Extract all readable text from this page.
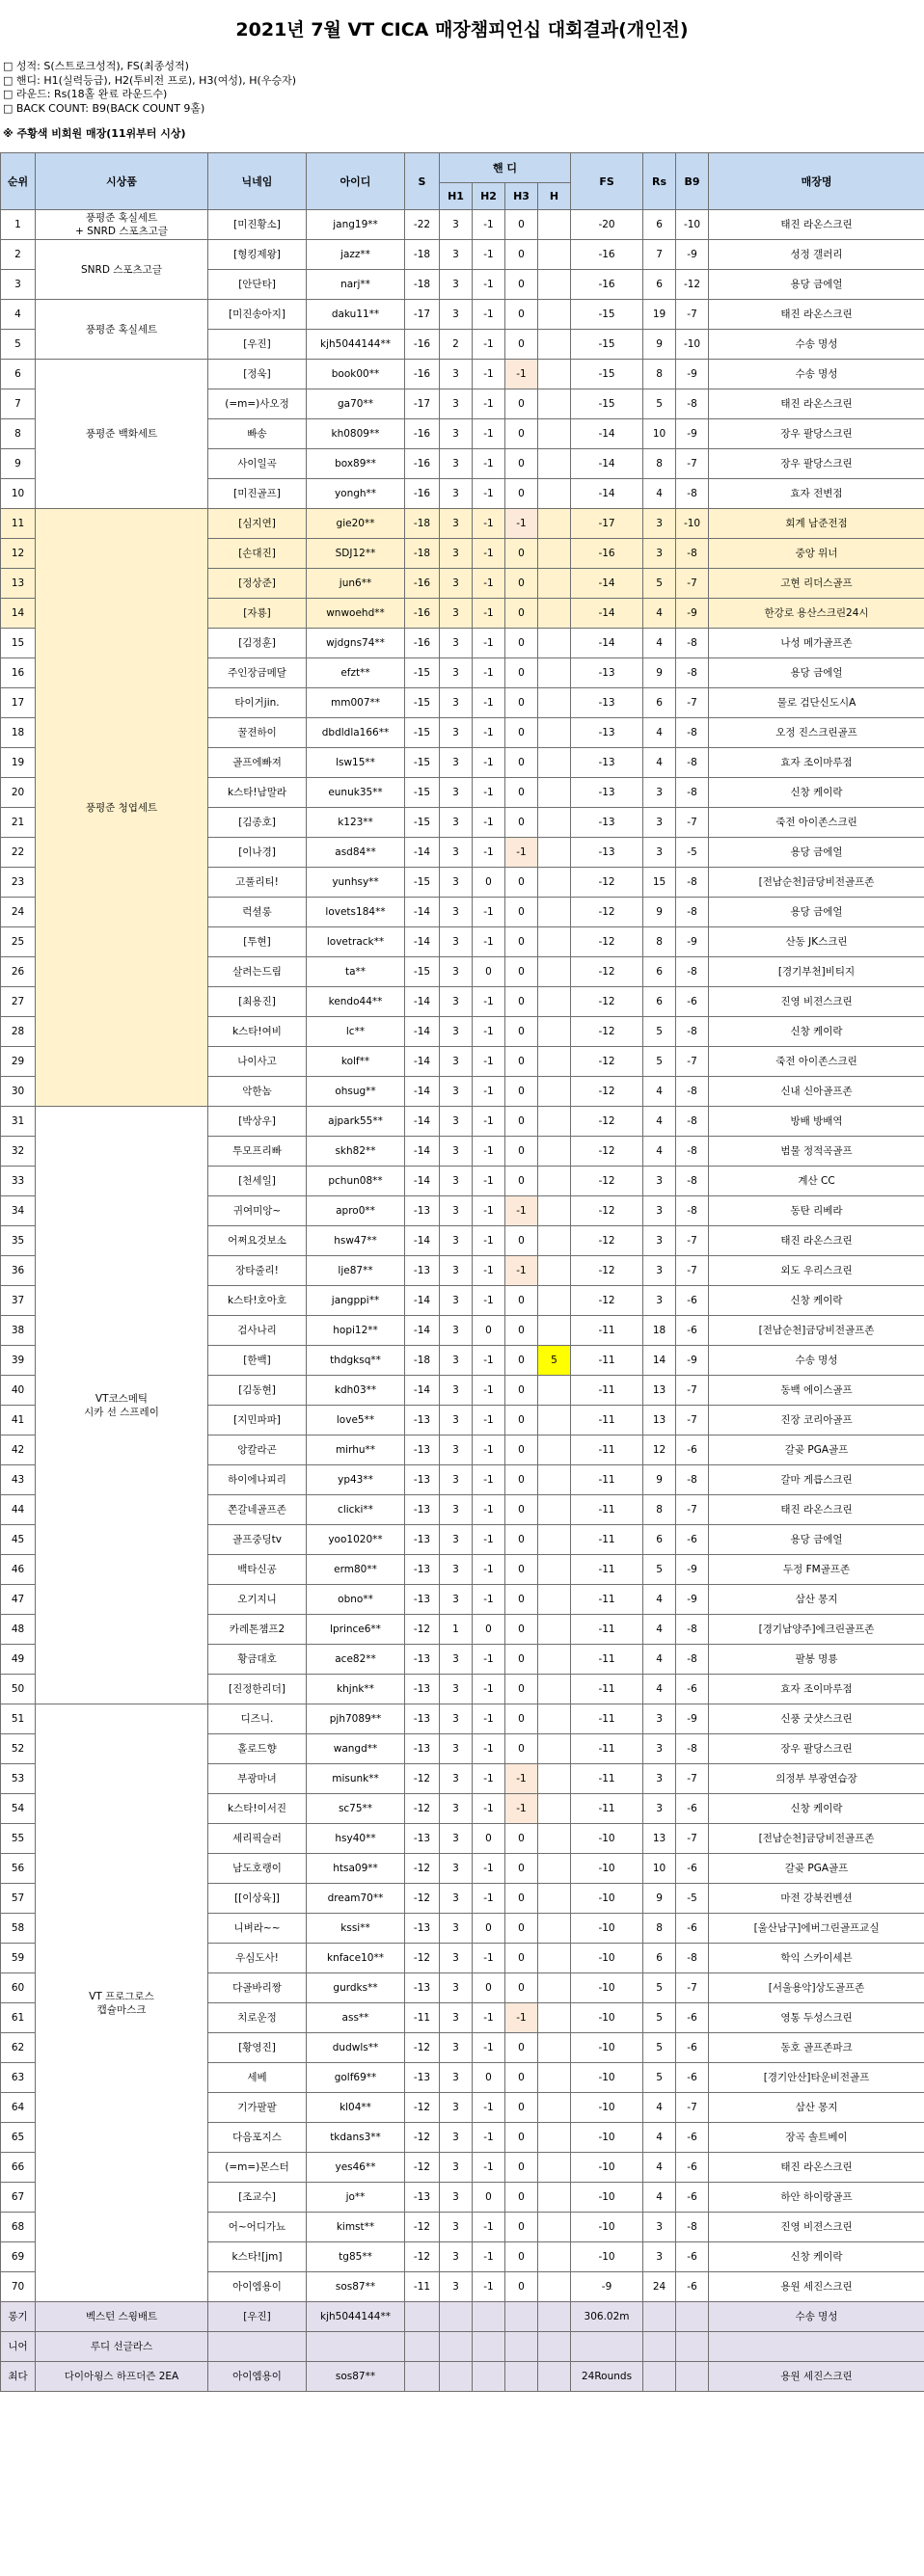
2021년 7월 VT CICA 매장챔피언십 대회결과(개인전)
□ 성적: S(스트로크성적), FS(최종성적)
□ 핸디: H1(실력등급), H2(투비전 프로), H3(여성), H(우승자)
□ 라운드: Rs(18홀 완료 라운드수)
□ BACK COUNT: B9(BACK COUNT 9홀)
※ 주황색 비회원 매장(11위부터 시상)
순위	시상품	닉네임	아이디	S	핸 디				FS	Rs	B9	매장명
					H1	H2	H3	H				
1	풍평준 혹실세트
+ SNRD 스포츠고글	[미진황소]	jang19**	-22	3	-1	0		-20	6	-10	태진 라온스크린
2	SNRD 스포츠고글	[형킹제왕]	jazz**	-18	3	-1	0		-16	7	-9	성정 갤러리
3		[안단타]	narj**	-18	3	-1	0		-16	6	-12	용당 금에얼
4	풍평준 혹실세트	[미진송아지]	daku11**	-17	3	-1	0		-15	19	-7	태진 라온스크린
5		[우진]	kjh5044144**	-16	2	-1	0		-15	9	-10	수송 명성
6	풍평준 백화세트	[정욱]	book00**	-16	3	-1	-1		-15	8	-9	수송 명성
7		(=m=)사오정	ga70**	-17	3	-1	0		-15	5	-8	태진 라온스크린
8		빠송	kh0809**	-16	3	-1	0		-14	10	-9	장우 팔당스크린
9		사이일곡	box89**	-16	3	-1	0		-14	8	-7	장우 팔당스크린
10		[미진골프]	yongh**	-16	3	-1	0		-14	4	-8	효자 전변점
11	풍평준 청엽세트	[심지연]	gie20**	-18	3	-1	-1		-17	3	-10	회계 남준전점
12		[손대진]	SDJ12**	-18	3	-1	0		-16	3	-8	중앙 위너
13		[정상준]	jun6**	-16	3	-1	0		-14	5	-7	고현 리더스골프
14		[자룡]	wnwoehd**	-16	3	-1	0		-14	4	-9	한강로 용산스크린24시
15		[김정훈]	wjdgns74**	-16	3	-1	0		-14	4	-8	나성 메가골프존
16		주인장금메달	efzt**	-15	3	-1	0		-13	9	-8	용당 금에얼
17		타이거jin.	mm007**	-15	3	-1	0		-13	6	-7	물로 검단신도시A
18		꿀젼하이	dbdldla166**	-15	3	-1	0		-13	4	-8	오정 진스크린골프
19		골프에빠져	lsw15**	-15	3	-1	0		-13	4	-8	효자 조이마루점
20		k스타!남말라	eunuk35**	-15	3	-1	0		-13	3	-8	신창 케이락
21		[김종호]	k123**	-15	3	-1	0		-13	3	-7	죽전 아이존스크린
22		[이나경]	asd84**	-14	3	-1	-1		-13	3	-5	용당 금에얼
23		고풀리티!	yunhsy**	-15	3	0	0		-12	15	-8	[전남순천]금당비전골프존
24		럭셜롱	lovets184**	-14	3	-1	0		-12	9	-8	용당 금에얼
25		[투현]	lovetrack**	-14	3	-1	0		-12	8	-9	산동 JK스크린
26		살려는드림	ta**	-15	3	0	0		-12	6	-8	[경기부천]비티지
27		[최용진]	kendo44**	-14	3	-1	0		-12	6	-6	진영 비젼스크린
28		k스타!여비	lc**	-14	3	-1	0		-12	5	-8	신창 케이락
29		나이사고	kolf**	-14	3	-1	0		-12	5	-7	죽전 아이존스크린
30		악한놈	ohsug**	-14	3	-1	0		-12	4	-8	신내 신아골프존
31	VT코스메틱
시카 선 스프레이	[박상우]	ajpark55**	-14	3	-1	0		-12	4	-8	방배 방배역
32		투모프리빠	skh82**	-14	3	-1	0		-12	4	-8	범물 정적곡골프
33		[천세일]	pchun08**	-14	3	-1	0		-12	3	-8	계산 CC
34		귀여미앙~	apro0**	-13	3	-1	-1		-12	3	-8	동탄 리베라
35		어쩌요것보소	hsw47**	-14	3	-1	0		-12	3	-7	태진 라온스크린
36		장타줄리!	lje87**	-13	3	-1	-1		-12	3	-7	외도 우리스크린
37		k스타!호아호	jangppi**	-14	3	-1	0		-12	3	-6	신창 케이락
38		검사나리	hopi12**	-14	3	0	0		-11	18	-6	[전남순천]금당비전골프존
39		[한백]	thdgksq**	-18	3	-1	0	5	-11	14	-9	수송 명성
40		[김동현]	kdh03**	-14	3	-1	0		-11	13	-7	동백 에이스골프
41		[지민파파]	love5**	-13	3	-1	0		-11	13	-7	진장 코리아골프
42		앙칼라곤	mirhu**	-13	3	-1	0		-11	12	-6	갈곶 PGA골프
43		하이에나피리	yp43**	-13	3	-1	0		-11	9	-8	갈마 게릅스크린
44		쫀갈네골프존	clicki**	-13	3	-1	0		-11	8	-7	태진 라온스크린
45		골프중딩tv	yoo1020**	-13	3	-1	0		-11	6	-6	용당 금에얼
46		백타신공	erm80**	-13	3	-1	0		-11	5	-9	두정 FM골프존
47		오기지니	obno**	-13	3	-1	0		-11	4	-9	삼산 몽지
48		카레톤챔프2	lprince6**	-12	1	0	0		-11	4	-8	[경기남양주]에크린골프존
49		황금대호	ace82**	-13	3	-1	0		-11	4	-8	팔봉 명룡
50		[진정한리더]	khjnk**	-13	3	-1	0		-11	4	-6	효자 조이마루점
51	VT 프로그로스
캡슐마스크	디즈니.	pjh7089**	-13	3	-1	0		-11	3	-9	신풍 굿샷스크린
52		홀로드향	wangd**	-13	3	-1	0		-11	3	-8	장우 팔당스크린
53		부광마녀	misunk**	-12	3	-1	-1		-11	3	-7	의정부 부광연습장
54		k스타!이서진	sc75**	-12	3	-1	-1		-11	3	-6	신창 케이락
55		세리픽슬러	hsy40**	-13	3	0	0		-10	13	-7	[전남순천]금당비전골프존
56		남도호랭이	htsa09**	-12	3	-1	0		-10	10	-6	갈곶 PGA골프
57		[[이상육]]	dream70**	-12	3	-1	0		-10	9	-5	마전 강북컨벤션
58		니벼라~~	kssi**	-13	3	0	0		-10	8	-6	[울산남구]에버그린골프교실
59		우심도사!	knface10**	-12	3	-1	0		-10	6	-8	학익 스카이세븐
60		다골바리짱	gurdks**	-13	3	0	0		-10	5	-7	[서울용악]상도골프존
61		치로운정	ass**	-11	3	-1	-1		-10	5	-6	영통 두성스크린
62		[황영진]	dudwls**	-12	3	-1	0		-10	5	-6	동호 골프존파크
63		세베	golf69**	-13	3	0	0		-10	5	-6	[경기안산]타운비전골프
64		기가팔팔	kl04**	-12	3	-1	0		-10	4	-7	삼산 몽지
65		다음포지스	tkdans3**	-12	3	-1	0		-10	4	-6	장곡 솔트베이
66		(=m=)몬스터	yes46**	-12	3	-1	0		-10	4	-6	태진 라온스크린
67		[조교수]	jo**	-13	3	0	0		-10	4	-6	하안 하이랑골프
68		어~어디가뇨	kimst**	-12	3	-1	0		-10	3	-8	진영 비젼스크린
69		k스타![jm]	tg85**	-12	3	-1	0		-10	3	-6	신창 케이락
70		아이엠용이	sos87**	-11	3	-1	0		-9	24	-6	용원 세진스크린
롱기	벡스턴 스윙배트	[우진]	kjh5044144**						306.02m			수송 명성
니어	루디 선글라스											
최다	다이아윙스 하프더즌 2EA	아이엠용이	sos87**						24Rounds			용원 세진스크린
